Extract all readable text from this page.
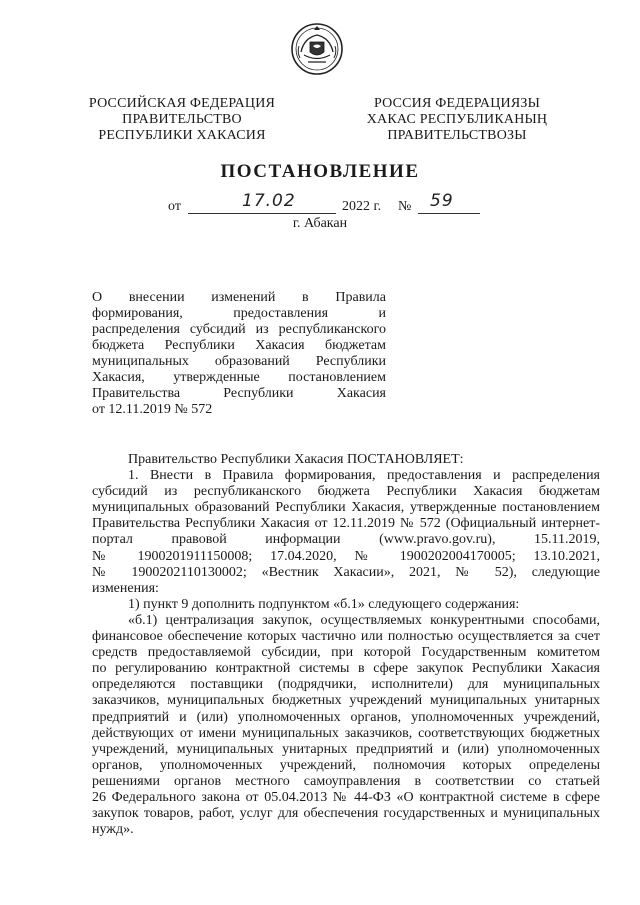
РОССИЙСКАЯ ФЕДЕРАЦИЯ
ПРАВИТЕЛЬСТВО
РЕСПУБЛИКИ ХАКАСИЯ
РОССИЯ ФЕДЕРАЦИЯЗЫ
ХАКАС РЕСПУБЛИКАНЫҢ
ПРАВИТЕЛЬСТВОЗЫ
ПОСТАНОВЛЕНИЕ
от	17.02	2022 г. № 59
г. Абакан
О внесении изменений в Правила
формирования, предоставления и
распределения субсидий из республиканского
бюджета Республики Хакасия бюджетам
муниципальных образований Республики
Хакасия, утвержденные постановлением
Правительства Республики Хакасия
от 12.11.2019 № 572
Правительство Республики Хакасия ПОСТАНОВЛЯЕТ:
1. Внести в Правила формирования, предоставления и распределения
субсидий из республиканского бюджета Республики Хакасия бюджетам
муниципальных образований Республики Хакасия, утвержденные постановлением
Правительства Республики Хакасия от 12.11.2019 № 572 (Официальный интернет-
портал правовой информации (www.pravo.gov.ru), 15.11.2019,
№ 1900201911150008; 17.04.2020, № 1900202004170005; 13.10.2021,
№ 1900202110130002; «Вестник Хакасии», 2021, № 52), следующие
изменения:
1) пункт 9 дополнить подпунктом «б.1» следующего содержания:
«б.1) централизация закупок, осуществляемых конкурентными способами,
финансовое обеспечение которых частично или полностью осуществляется за счет
средств предоставляемой субсидии, при которой Государственным комитетом
по регулированию контрактной системы в сфере закупок Республики Хакасия
определяются поставщики (подрядчики, исполнители) для муниципальных
заказчиков, муниципальных бюджетных учреждений муниципальных унитарных
предприятий и (или) уполномоченных органов, уполномоченных учреждений,
действующих от имени муниципальных заказчиков, соответствующих бюджетных
учреждений, муниципальных унитарных предприятий и (или) уполномоченных
органов, уполномоченных учреждений, полномочия которых определены
решениями органов местного самоуправления в соответствии со статьей
26 Федерального закона от 05.04.2013 № 44-ФЗ «О контрактной системе в сфере
закупок товаров, работ, услуг для обеспечения государственных и муниципальных
нужд».
